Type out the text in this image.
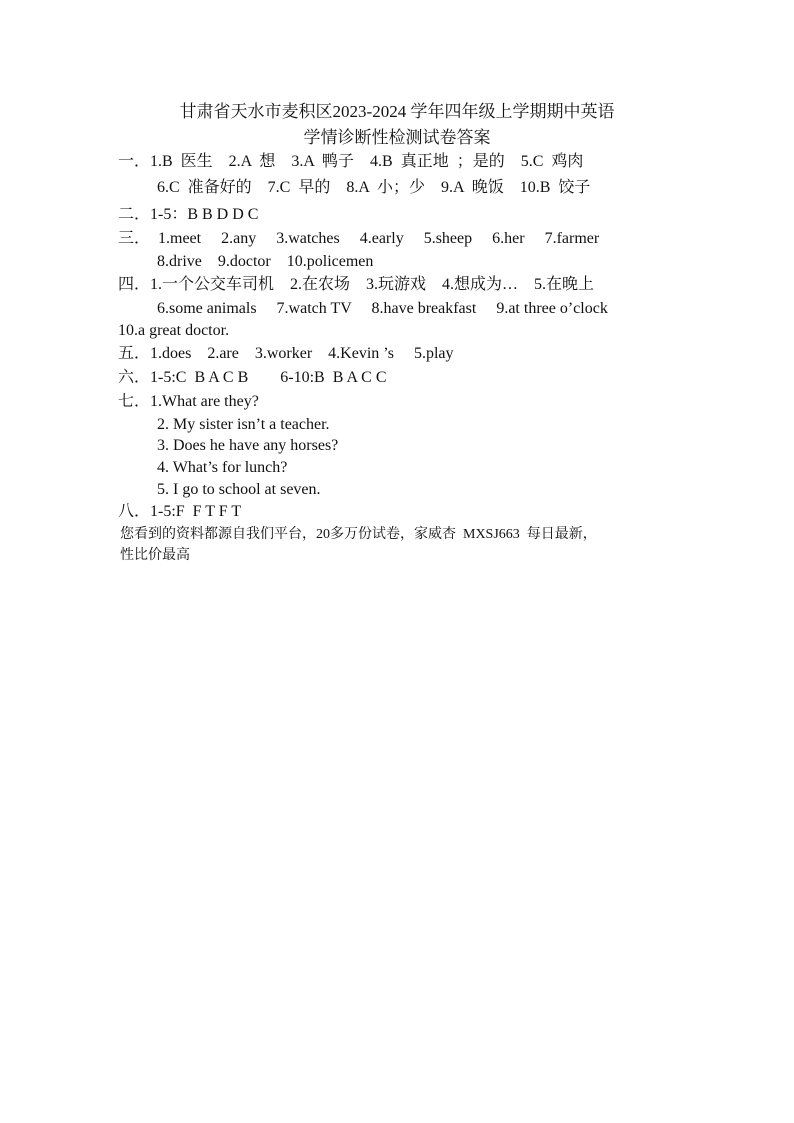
甘肃省天水市麦积区2023-2024 学年四年级上学期期中英语
学情诊断性检测试卷答案
一．1.B  医生    2.A  想    3.A  鸭子    4.B  真正地  ；是的    5.C  鸡肉
6.C  准备好的    7.C  早的    8.A  小；少    9.A  晚饭    10.B  饺子
二．1-5：B B D D C
三．  1.meet     2.any     3.watches     4.early     5.sheep     6.her     7.farmer
8.drive    9.doctor    10.policemen
四．1.一个公交车司机    2.在农场    3.玩游戏    4.想成为…    5.在晚上
6.some animals     7.watch TV     8.have breakfast     9.at three o’clock
10.a great doctor.
五．1.does    2.are    3.worker    4.Kevin ’s     5.play
六．1-5:C  B A C B        6-10:B  B A C C
七．1.What are they?
2. My sister isn’t a teacher.
3. Does he have any horses?
4. What’s for lunch?
5. I go to school at seven.
八．1-5:F  F T F T
您看到的资料都源自我们平台，20多万份试卷，家威杏  MXSJ663  每日最新，
性比价最高
